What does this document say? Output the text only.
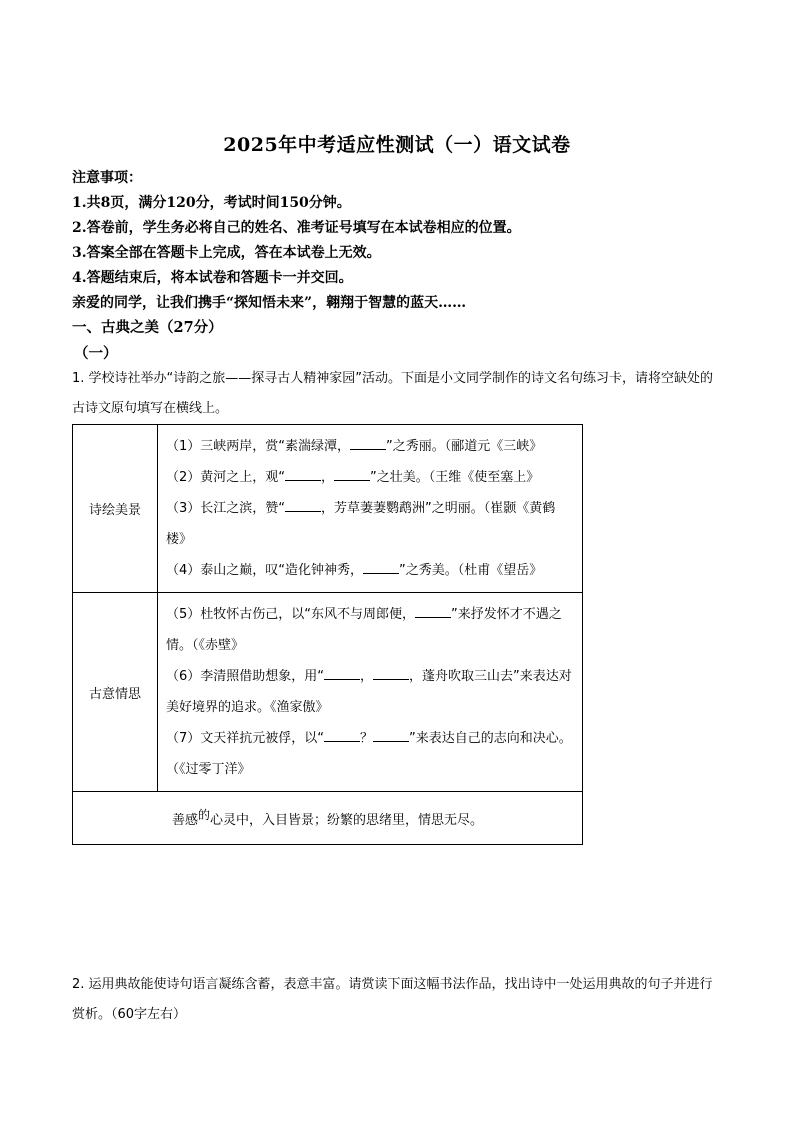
2025年中考适应性测试（一）语文试卷
注意事项：
1.共8页，满分120分，考试时间150分钟。
2.答卷前，学生务必将自己的姓名、准考证号填写在本试卷相应的位置。
3.答案全部在答题卡上完成，答在本试卷上无效。
4.答题结束后，将本试卷和答题卡一并交回。
亲爱的同学，让我们携手“探知悟未来”，翱翔于智慧的蓝天……
一、古典之美（27分）
（一）
1. 学校诗社举办“诗韵之旅——探寻古人精神家园”活动。下面是小文同学制作的诗文名句练习卡，请将空缺处的古诗文原句填写在横线上。
诗绘美景	（1）三峡两岸，赏“素湍绿潭， ”之秀丽。（郦道元《三峡》
（2）黄河之上，观“ ， ”之壮美。（王维《使至塞上》
（3）长江之滨，赞“ ，芳草萋萋鹦鹉洲”之明丽。（崔颢《黄鹤楼》
（4）泰山之巅，叹“造化钟神秀， ”之秀美。（杜甫《望岳》

古意情思	（5）杜牧怀古伤己，以“东风不与周郎便， ”来抒发怀才不遇之情。（《赤壁》
（6）李清照借助想象，用“ ， ，蓬舟吹取三山去”来表达对美好境界的追求。《渔家傲》
（7）文天祥抗元被俘，以“ ？ ”来表达自己的志向和决心。（《过零丁洋》

善感的心灵中，入目皆景；纷繁的思绪里，情思无尽。	
2. 运用典故能使诗句语言凝练含蓄，表意丰富。请赏读下面这幅书法作品，找出诗中一处运用典故的句子并进行赏析。（60字左右）
